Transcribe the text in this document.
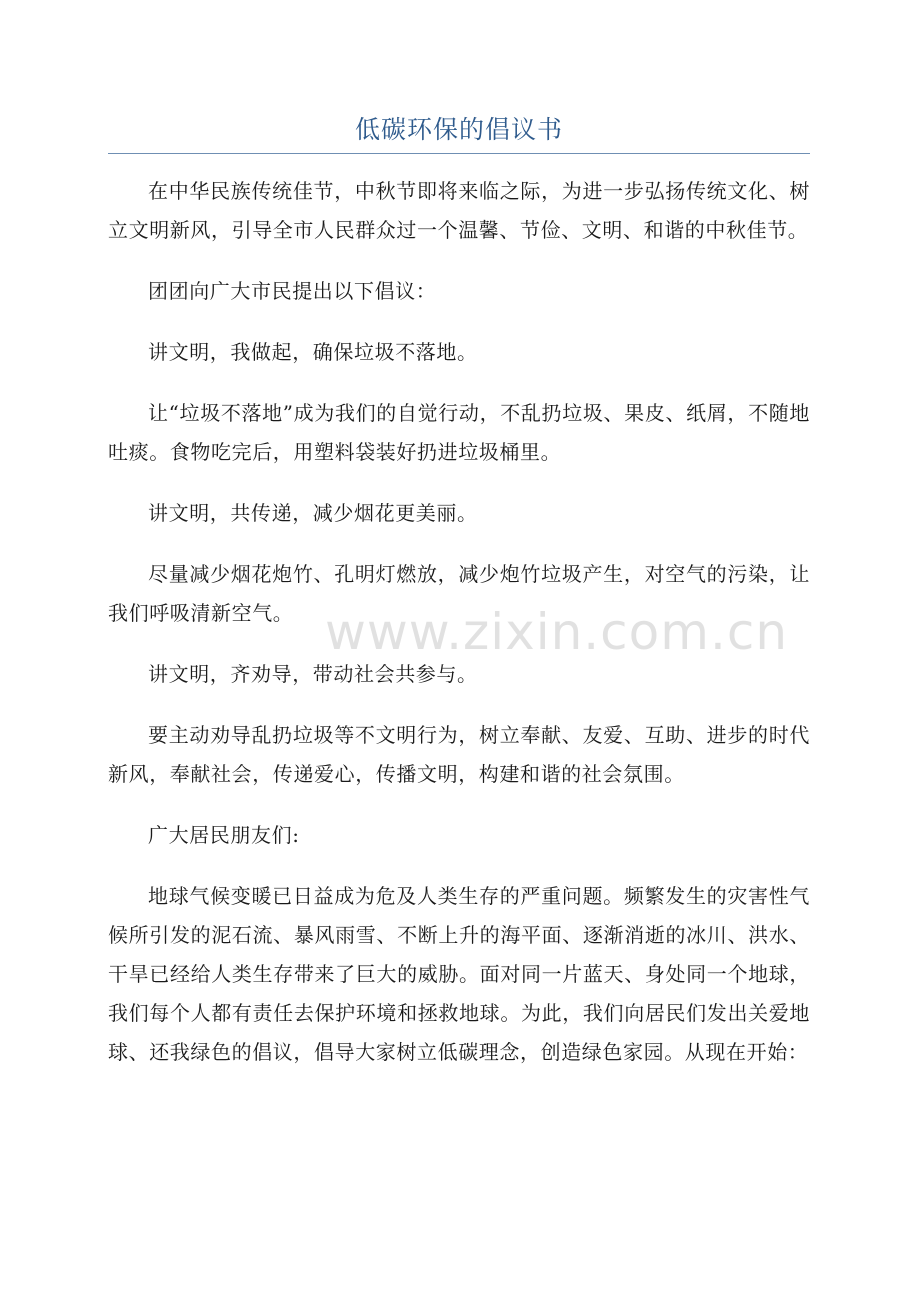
低碳环保的倡议书

在中华民族传统佳节，中秋节即将来临之际，为进一步弘扬传统文化、树立文明新风，引导全市人民群众过一个温馨、节俭、文明、和谐的中秋佳节。

团团向广大市民提出以下倡议：

讲文明，我做起，确保垃圾不落地。

让“垃圾不落地”成为我们的自觉行动，不乱扔垃圾、果皮、纸屑，不随地吐痰。食物吃完后，用塑料袋装好扔进垃圾桶里。

讲文明，共传递，减少烟花更美丽。

尽量减少烟花炮竹、孔明灯燃放，减少炮竹垃圾产生，对空气的污染，让我们呼吸清新空气。

讲文明，齐劝导，带动社会共参与。

要主动劝导乱扔垃圾等不文明行为，树立奉献、友爱、互助、进步的时代新风，奉献社会，传递爱心，传播文明，构建和谐的社会氛围。

广大居民朋友们:

地球气候变暖已日益成为危及人类生存的严重问题。频繁发生的灾害性气候所引发的泥石流、暴风雨雪、不断上升的海平面、逐渐消逝的冰川、洪水、干旱已经给人类生存带来了巨大的威胁。面对同一片蓝天、身处同一个地球，我们每个人都有责任去保护环境和拯救地球。为此，我们向居民们发出关爱地球、还我绿色的倡议，倡导大家树立低碳理念，创造绿色家园。从现在开始：

www.zixin.com.cn
